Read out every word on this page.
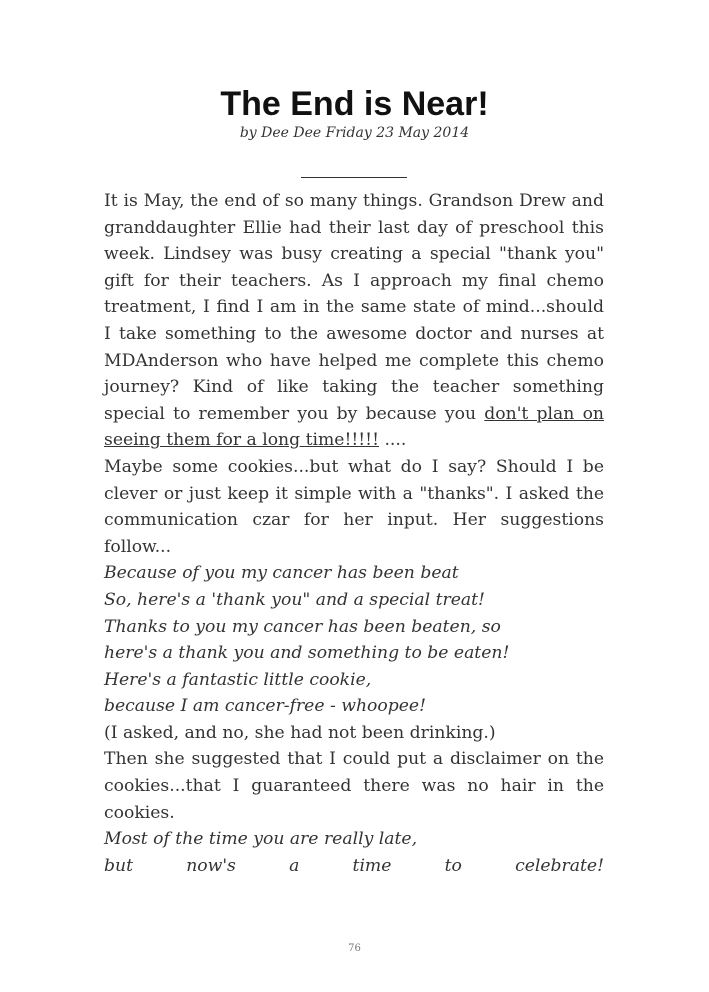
The End is Near!
by Dee Dee Friday 23 May 2014

It is May, the end of so many things. Grandson Drew and granddaughter Ellie had their last day of preschool this week. Lindsey was busy creating a special "thank you" gift for their teachers. As I approach my final chemo treatment, I find I am in the same state of mind...should I take something to the awesome doctor and nurses at MDAnderson who have helped me complete this chemo journey? Kind of like taking the teacher something special to remember you by because you don't plan on seeing them for a long time!!!!! ....

Maybe some cookies...but what do I say? Should I be clever or just keep it simple with a "thanks". I asked the communication czar for her input. Her suggestions follow...

Because of you my cancer has been beat

So, here's a 'thank you" and a special treat!

Thanks to you my cancer has been beaten, so

here's a thank you and something to be eaten!

Here's a fantastic little cookie,

because I am cancer-free - whoopee!

(I asked, and no, she had not been drinking.)

Then she suggested that I could put a disclaimer on the cookies...that I guaranteed there was no hair in the cookies.

Most of the time you are really late,

but now's a time to celebrate!

76
